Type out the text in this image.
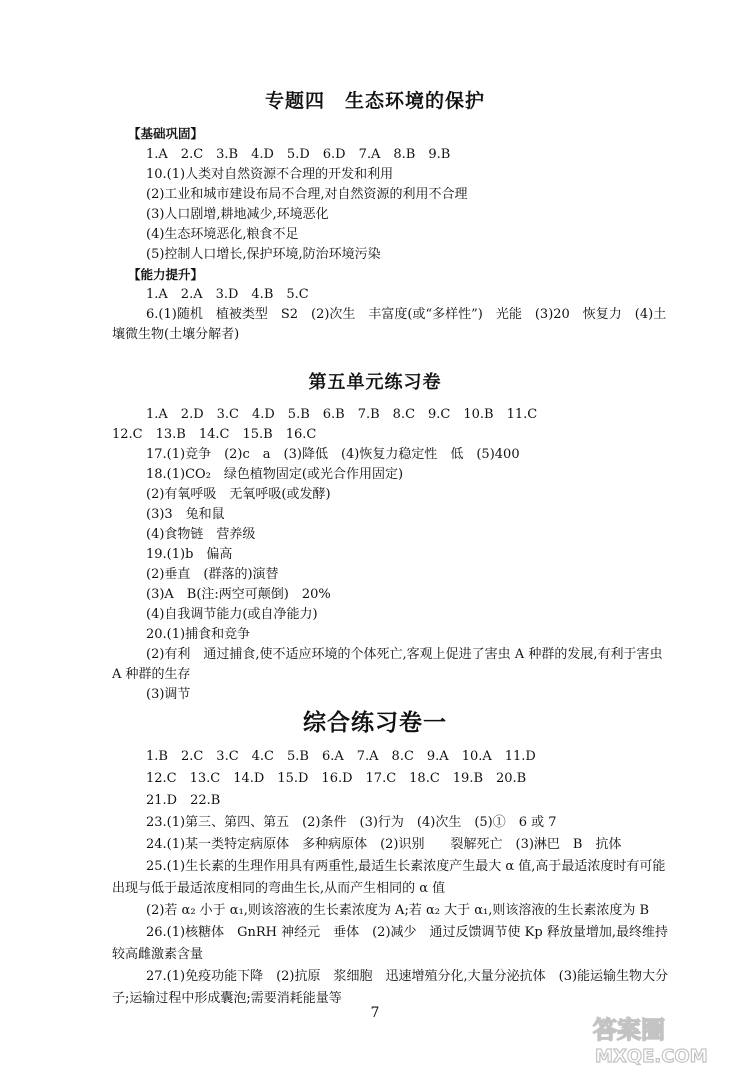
专题四　生态环境的保护
【基础巩固】
1.A　2.C　3.B　4.D　5.D　6.D　7.A　8.B　9.B
10.(1)人类对自然资源不合理的开发和利用
(2)工业和城市建设布局不合理,对自然资源的利用不合理
(3)人口剧增,耕地减少,环境恶化
(4)生态环境恶化,粮食不足
(5)控制人口增长,保护环境,防治环境污染
【能力提升】
1.A　2.A　3.D　4.B　5.C
6.(1)随机　植被类型　S2　(2)次生　丰富度(或“多样性”)　光能　(3)20　恢复力　(4)土
壤微生物(土壤分解者)
第五单元练习卷
1.A　2.D　3.C　4.D　5.B　6.B　7.B　8.C　9.C　10.B　11.C
12.C　13.B　14.C　15.B　16.C
17.(1)竞争　(2)c　a　(3)降低　(4)恢复力稳定性　低　(5)400
18.(1)CO₂　绿色植物固定(或光合作用固定)
(2)有氧呼吸　无氧呼吸(或发酵)
(3)3　兔和鼠
(4)食物链　营养级
19.(1)b　偏高
(2)垂直　(群落的)演替
(3)A　B(注:两空可颠倒)　20%
(4)自我调节能力(或自净能力)
20.(1)捕食和竞争
(2)有利　通过捕食,使不适应环境的个体死亡,客观上促进了害虫 A 种群的发展,有利于害虫
A 种群的生存
(3)调节
综合练习卷一
1.B　2.C　3.C　4.C　5.B　6.A　7.A　8.C　9.A　10.A　11.D
12.C　13.C　14.D　15.D　16.D　17.C　18.C　19.B　20.B
21.D　22.B
23.(1)第三、第四、第五　(2)条件　(3)行为　(4)次生　(5)①　6 或 7
24.(1)某一类特定病原体　多种病原体　(2)识别　　裂解死亡　(3)淋巴　B　抗体
25.(1)生长素的生理作用具有两重性,最适生长素浓度产生最大 α 值,高于最适浓度时有可能
出现与低于最适浓度相同的弯曲生长,从而产生相同的 α 值
(2)若 α₂ 小于 α₁,则该溶液的生长素浓度为 A;若 α₂ 大于 α₁,则该溶液的生长素浓度为 B
26.(1)核糖体　GnRH 神经元　垂体　(2)减少　通过反馈调节使 Kp 释放量增加,最终维持
较高雌激素含量
27.(1)免疫功能下降　(2)抗原　浆细胞　迅速增殖分化,大量分泌抗体　(3)能运输生物大分
子;运输过程中形成囊泡;需要消耗能量等
7
答案圈
MXQE.COM
